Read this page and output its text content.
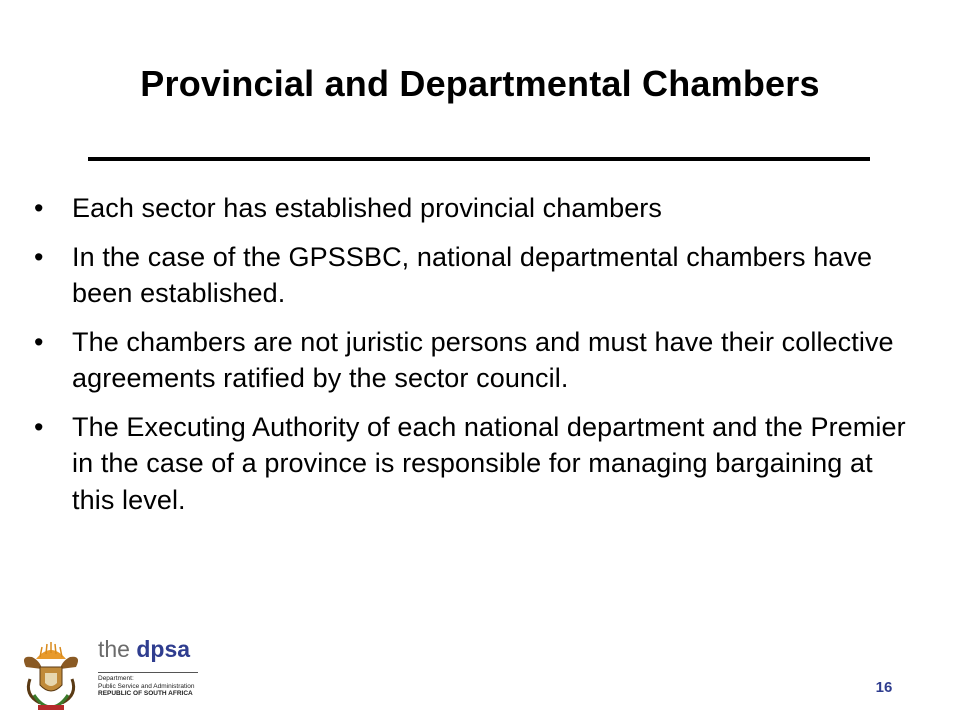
Provincial and Departmental Chambers
•	Each sector has established provincial chambers
•	In the case of the GPSSBC, national departmental chambers have been established.
•	The chambers are not juristic persons and must have their collective agreements ratified by the sector council.
•	The Executing Authority of each national department and the Premier in the case of a province is responsible for managing bargaining at this level.
the dpsa
Department:
Public Service and Administration
REPUBLIC OF SOUTH AFRICA	16
